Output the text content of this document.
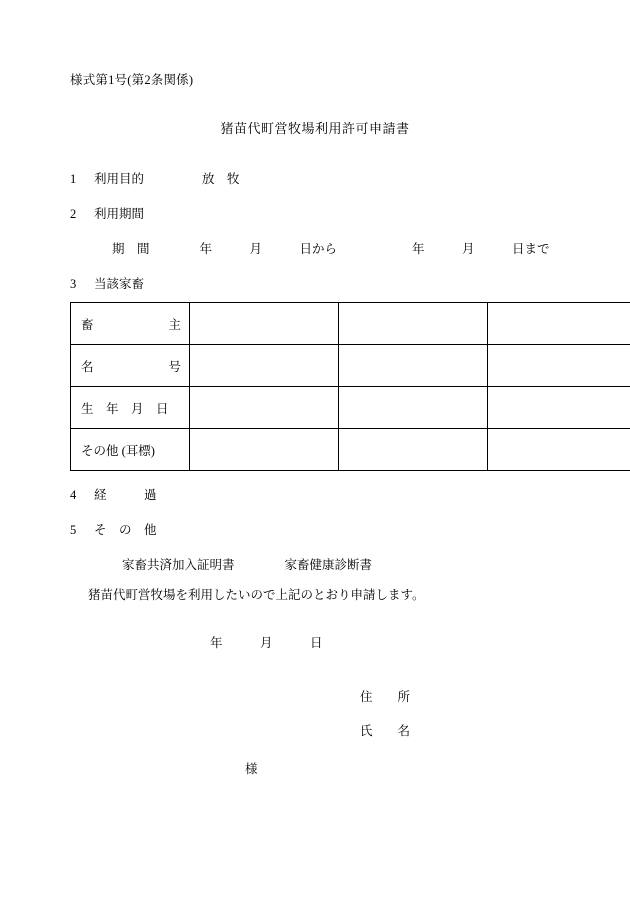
様式第1号(第2条関係)
猪苗代町営牧場利用許可申請書
1	利用目的	放　牧
2	利用期間
期　間　　　　年　　　月　　　日から　　　　　　年　　　月　　　日まで
3	当該家畜
畜　　　　　　主			
名　　　　　　号			
生　年　月　日			
その他 (耳標)			
4	経　　　過
5	そ　の　他
家畜共済加入証明書　　　　家畜健康診断書
猪苗代町営牧場を利用したいので上記のとおり申請します。
年　　　月　　　日
住　　所
氏　　名
様
